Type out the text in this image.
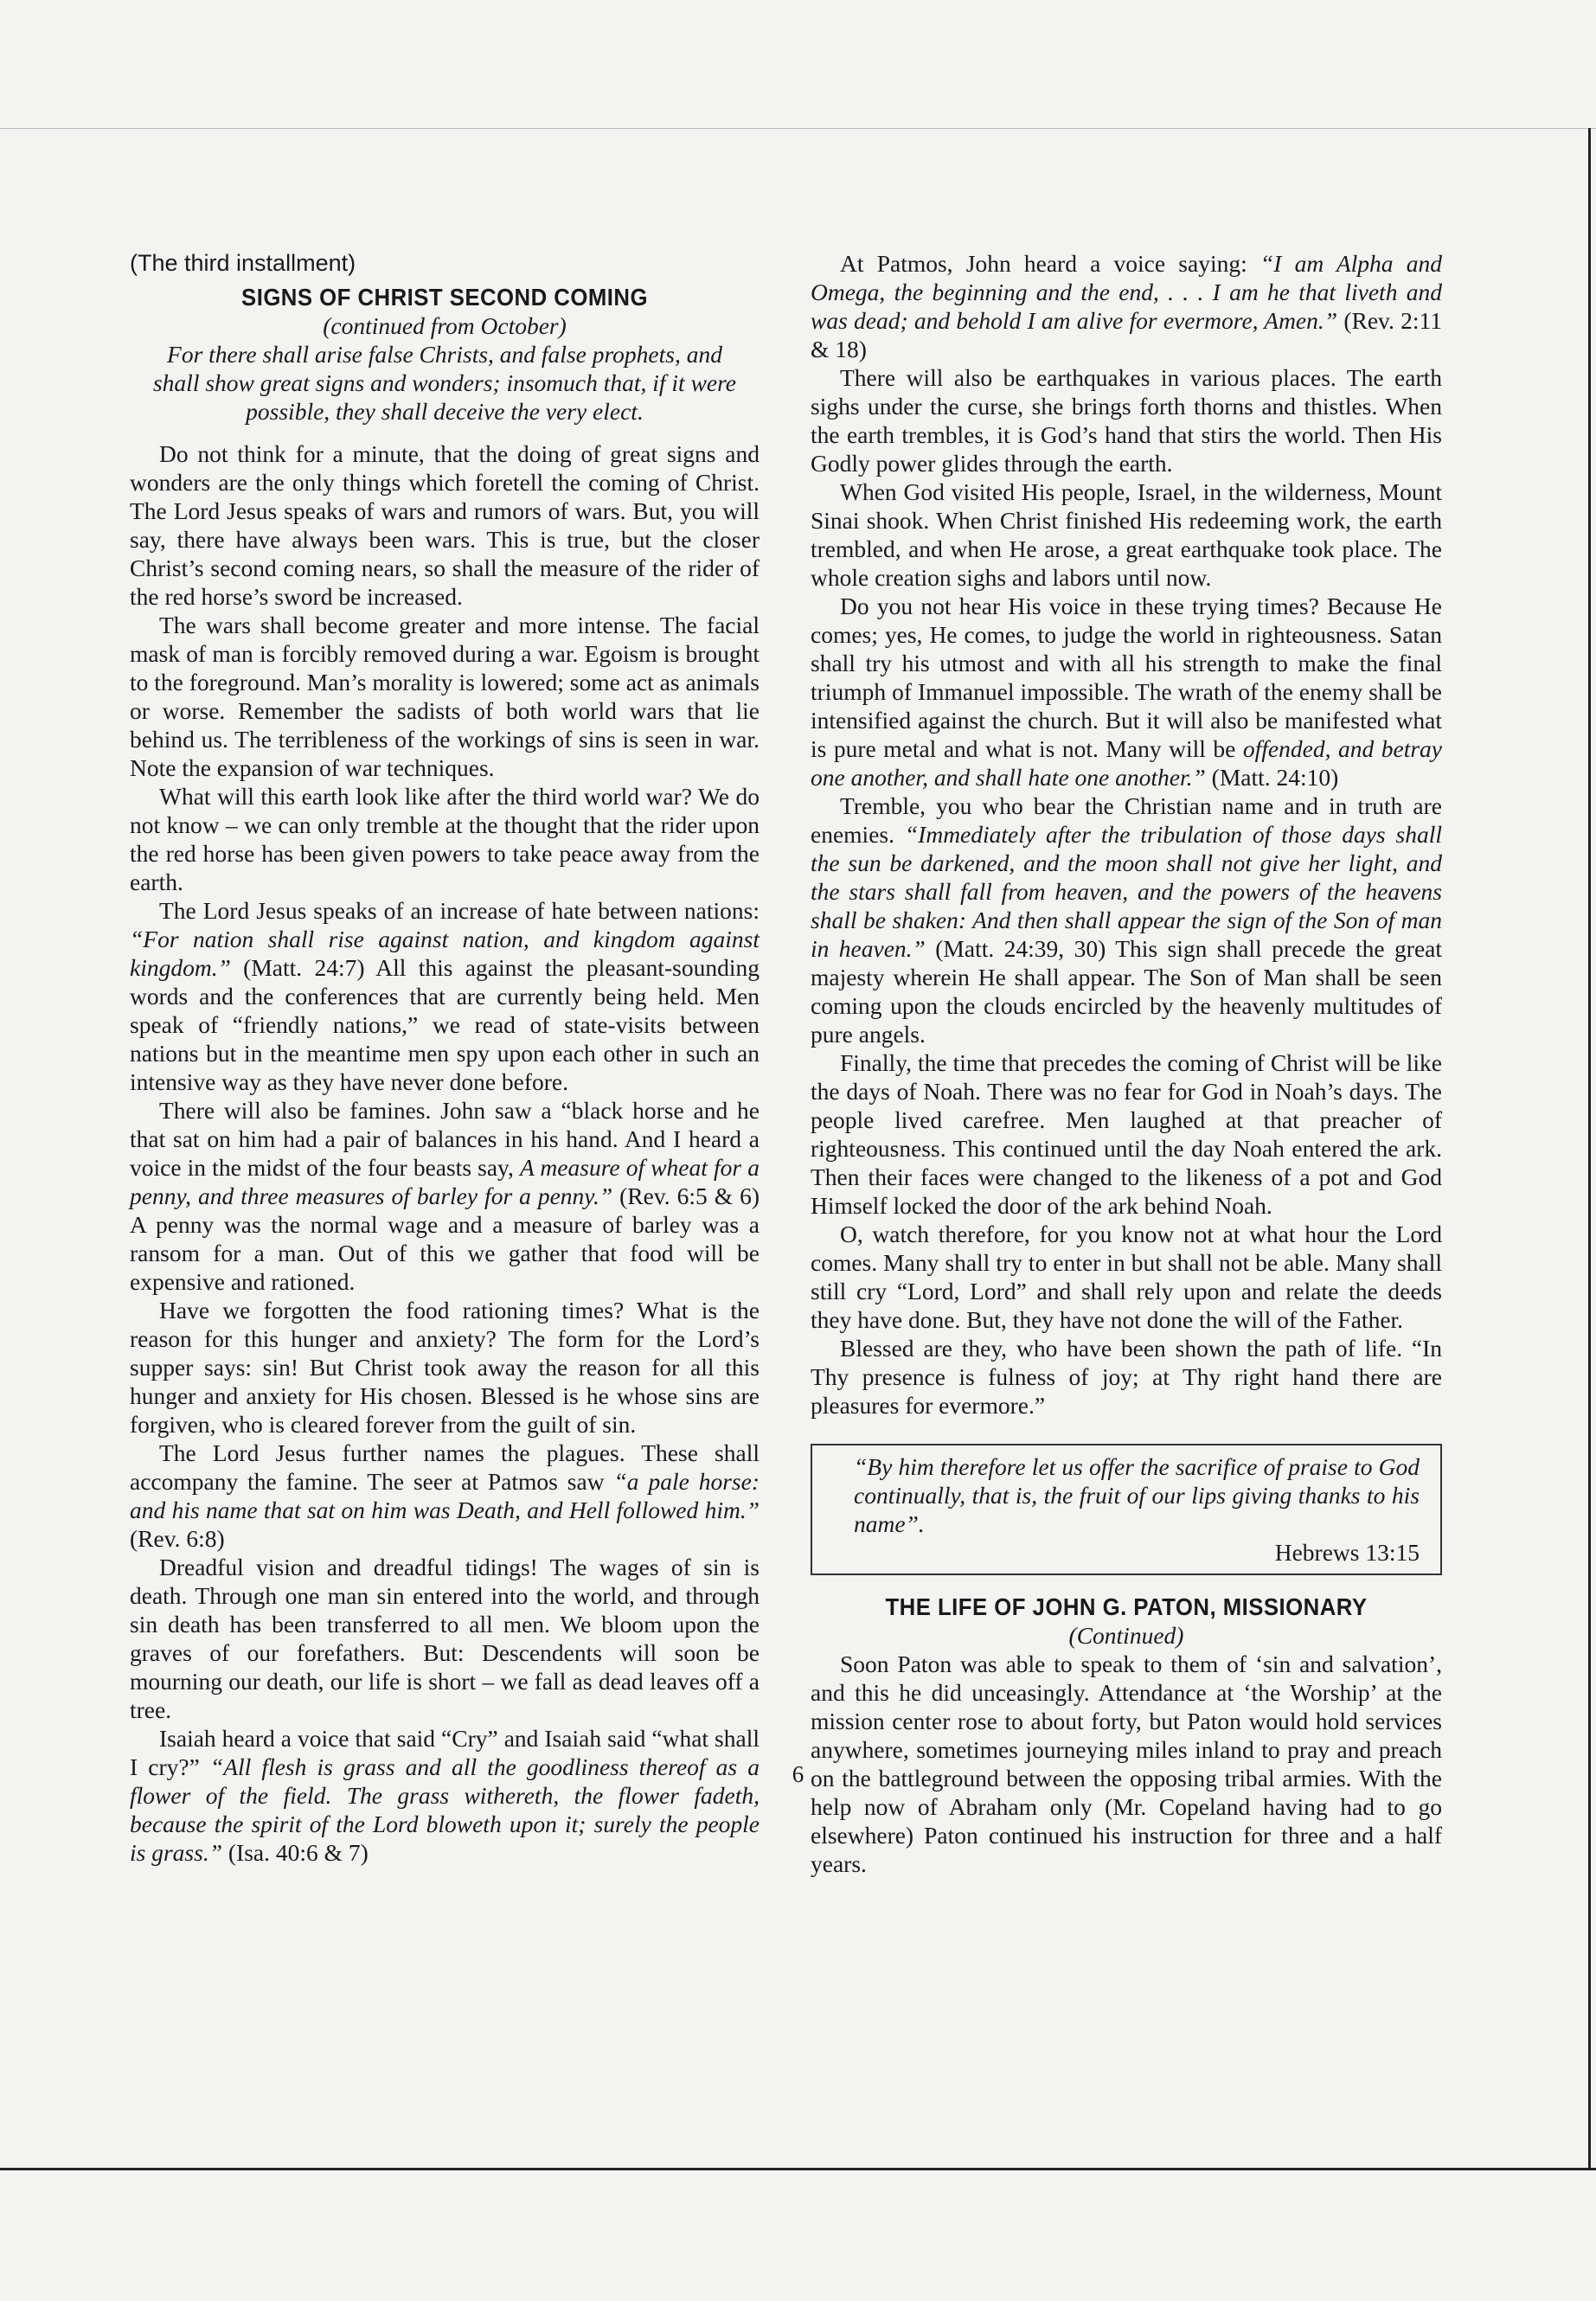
(The third installment)
SIGNS OF CHRIST SECOND COMING
(continued from October)
For there shall arise false Christs, and false prophets, and shall show great signs and wonders; insomuch that, if it were possible, they shall deceive the very elect.

Do not think for a minute, that the doing of great signs and wonders are the only things which foretell the coming of Christ. The Lord Jesus speaks of wars and rumors of wars. But, you will say, there have always been wars. This is true, but the closer Christ’s second coming nears, so shall the measure of the rider of the red horse’s sword be increased.

The wars shall become greater and more intense. The facial mask of man is forcibly removed during a war. Egoism is brought to the foreground. Man’s morality is lowered; some act as animals or worse. Remember the sadists of both world wars that lie behind us. The terribleness of the workings of sins is seen in war. Note the expansion of war techniques.

What will this earth look like after the third world war? We do not know – we can only tremble at the thought that the rider upon the red horse has been given powers to take peace away from the earth.

The Lord Jesus speaks of an increase of hate between nations: “For nation shall rise against nation, and kingdom against kingdom.” (Matt. 24:7) All this against the pleasant-sounding words and the conferences that are currently being held. Men speak of “friendly nations,” we read of state-visits between nations but in the meantime men spy upon each other in such an intensive way as they have never done before.

There will also be famines. John saw a “black horse and he that sat on him had a pair of balances in his hand. And I heard a voice in the midst of the four beasts say, A measure of wheat for a penny, and three measures of barley for a penny.” (Rev. 6:5 & 6) A penny was the normal wage and a measure of barley was a ransom for a man. Out of this we gather that food will be expensive and rationed.

Have we forgotten the food rationing times? What is the reason for this hunger and anxiety? The form for the Lord’s supper says: sin! But Christ took away the reason for all this hunger and anxiety for His chosen. Blessed is he whose sins are forgiven, who is cleared forever from the guilt of sin.

The Lord Jesus further names the plagues. These shall accompany the famine. The seer at Patmos saw “a pale horse: and his name that sat on him was Death, and Hell followed him.” (Rev. 6:8)

Dreadful vision and dreadful tidings! The wages of sin is death. Through one man sin entered into the world, and through sin death has been transferred to all men. We bloom upon the graves of our forefathers. But: Descendents will soon be mourning our death, our life is short – we fall as dead leaves off a tree.

Isaiah heard a voice that said “Cry” and Isaiah said “what shall I cry?” “All flesh is grass and all the goodliness thereof as a flower of the field. The grass withereth, the flower fadeth, because the spirit of the Lord bloweth upon it; surely the people is grass.” (Isa. 40:6 & 7)

At Patmos, John heard a voice saying: “I am Alpha and Omega, the beginning and the end, . . . I am he that liveth and was dead; and behold I am alive for evermore, Amen.” (Rev. 2:11 & 18)

There will also be earthquakes in various places. The earth sighs under the curse, she brings forth thorns and thistles. When the earth trembles, it is God’s hand that stirs the world. Then His Godly power glides through the earth.

When God visited His people, Israel, in the wilderness, Mount Sinai shook. When Christ finished His redeeming work, the earth trembled, and when He arose, a great earthquake took place. The whole creation sighs and labors until now.

Do you not hear His voice in these trying times? Because He comes; yes, He comes, to judge the world in righteousness. Satan shall try his utmost and with all his strength to make the final triumph of Immanuel impossible. The wrath of the enemy shall be intensified against the church. But it will also be manifested what is pure metal and what is not. Many will be offended, and betray one another, and shall hate one another.” (Matt. 24:10)

Tremble, you who bear the Christian name and in truth are enemies. “Immediately after the tribulation of those days shall the sun be darkened, and the moon shall not give her light, and the stars shall fall from heaven, and the powers of the heavens shall be shaken: And then shall appear the sign of the Son of man in heaven.” (Matt. 24:39, 30) This sign shall precede the great majesty wherein He shall appear. The Son of Man shall be seen coming upon the clouds encircled by the heavenly multitudes of pure angels.

Finally, the time that precedes the coming of Christ will be like the days of Noah. There was no fear for God in Noah’s days. The people lived carefree. Men laughed at that preacher of righteousness. This continued until the day Noah entered the ark. Then their faces were changed to the likeness of a pot and God Himself locked the door of the ark behind Noah.

O, watch therefore, for you know not at what hour the Lord comes. Many shall try to enter in but shall not be able. Many shall still cry “Lord, Lord” and shall rely upon and relate the deeds they have done. But, they have not done the will of the Father.

Blessed are they, who have been shown the path of life. “In Thy presence is fulness of joy; at Thy right hand there are pleasures for evermore.”

“By him therefore let us offer the sacrifice of praise to God continually, that is, the fruit of our lips giving thanks to his name”.
Hebrews 13:15
THE LIFE OF JOHN G. PATON, MISSIONARY
(Continued)

Soon Paton was able to speak to them of ‘sin and salvation’, and this he did unceasingly. Attendance at ‘the Worship’ at the mission center rose to about forty, but Paton would hold services anywhere, sometimes journeying miles inland to pray and preach on the battleground between the opposing tribal armies. With the help now of Abraham only (Mr. Copeland having had to go elsewhere) Paton continued his instruction for three and a half years.

6
